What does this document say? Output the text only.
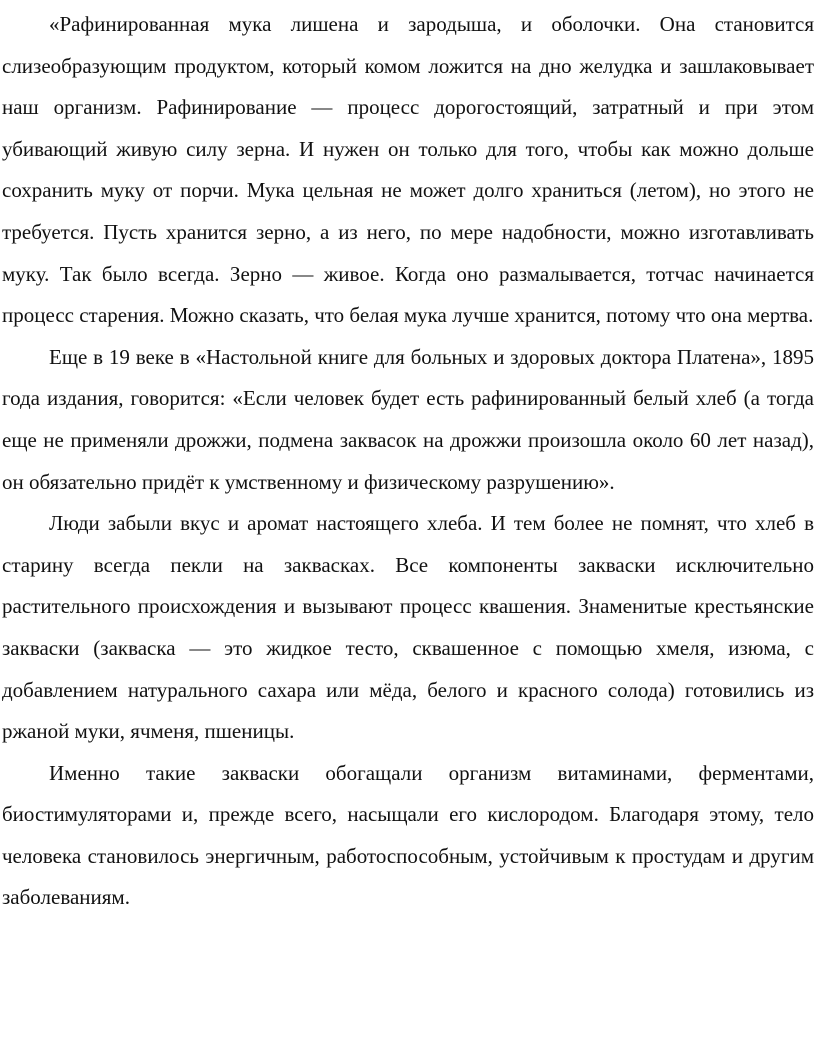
«Рафинированная мука лишена и зародыша, и оболочки. Она становится слизеобразующим продуктом, который комом ложится на дно желудка и зашлаковывает наш организм. Рафинирование — процесс дорогостоящий, затратный и при этом убивающий живую силу зерна. И нужен он только для того, чтобы как можно дольше сохранить муку от порчи. Мука цельная не может долго храниться (летом), но этого не требуется. Пусть хранится зерно, а из него, по мере надобности, можно изготавливать муку. Так было всегда. Зерно — живое. Когда оно размалывается, тотчас начинается процесс старения. Можно сказать, что белая мука лучше хранится, потому что она мертва.

Еще в 19 веке в «Настольной книге для больных и здоровых доктора Платена», 1895 года издания, говорится: «Если человек будет есть рафинированный белый хлеб (а тогда еще не применяли дрожжи, подмена заквасок на дрожжи произошла около 60 лет назад), он обязательно придёт к умственному и физическому разрушению».

Люди забыли вкус и аромат настоящего хлеба. И тем более не помнят, что хлеб в старину всегда пекли на заквасках. Все компоненты закваски исключительно растительного происхождения и вызывают процесс квашения. Знаменитые крестьянские закваски (закваска — это жидкое тесто, сквашенное с помощью хмеля, изюма, с добавлением натурального сахара или мёда, белого и красного солода) готовились из ржаной муки, ячменя, пшеницы.

Именно такие закваски обогащали организм витаминами, ферментами, биостимуляторами и, прежде всего, насыщали его кислородом. Благодаря этому, тело человека становилось энергичным, работоспособным, устойчивым к простудам и другим заболеваниям.
